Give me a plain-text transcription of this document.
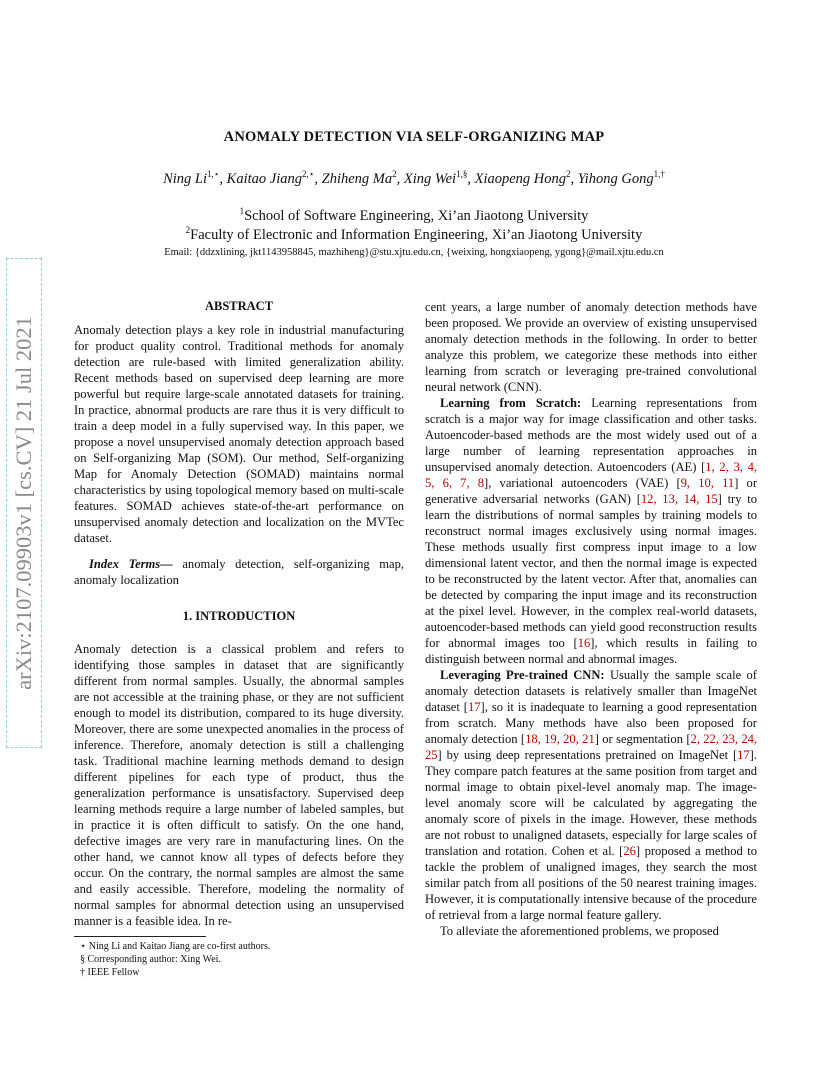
ANOMALY DETECTION VIA SELF-ORGANIZING MAP
Ning $Li^{1,⋆}$, Kaitao Jiang$^{2,⋆}$, Zhiheng Ma$^2$, Xing Wei$^{1,\S}$, Xiaopeng Hong$^2$, Yihong Gong$^{1,\dagger}$
$^1$School of Software Engineering, Xi’an Jiaotong University
$^2$Faculty of Electronic and Information Engineering, Xi’an Jiaotong University
Email: {ddzxlining, jkt1143958845, mazhiheng}@stu.xjtu.edu.cn, {weixing, hongxiaopeng, ygong}@mail.xjtu.edu.cn
arXiv:2107.09903v1 [cs.CV] 21 Jul 2021
ABSTRACT

Anomaly detection plays a key role in industrial manufacturing for product quality control. Traditional methods for anomaly detection are rule-based with limited generalization ability. Recent methods based on supervised deep learning are more powerful but require large-scale annotated datasets for training. In practice, abnormal products are rare thus it is very difficult to train a deep model in a fully supervised way. In this paper, we propose a novel unsupervised anomaly detection approach based on Self-organizing Map (SOM). Our method, Self-organizing Map for Anomaly Detection (SOMAD) maintains normal characteristics by using topological memory based on multi-scale features. SOMAD achieves state-of-the-art performance on unsupervised anomaly detection and localization on the MVTec dataset.

Index Terms— anomaly detection, self-organizing map, anomaly localization

1. INTRODUCTION

Anomaly detection is a classical problem and refers to identifying those samples in dataset that are significantly different from normal samples. Usually, the abnormal samples are not accessible at the training phase, or they are not sufficient enough to model its distribution, compared to its huge diversity. Moreover, there are some unexpected anomalies in the process of inference. Therefore, anomaly detection is still a challenging task. Traditional machine learning methods demand to design different pipelines for each type of product, thus the generalization performance is unsatisfactory. Supervised deep learning methods require a large number of labeled samples, but in practice it is often difficult to satisfy. On the one hand, defective images are very rare in manufacturing lines. On the other hand, we cannot know all types of defects before they occur. On the contrary, the normal samples are almost the same and easily accessible. Therefore, modeling the normality of normal samples for abnormal detection using an unsupervised manner is a feasible idea. In re-

cent years, a large number of anomaly detection methods have been proposed. We provide an overview of existing unsupervised anomaly detection methods in the following. In order to better analyze this problem, we categorize these methods into either learning from scratch or leveraging pre-trained convolutional neural network (CNN).

Learning from Scratch: Learning representations from scratch is a major way for image classification and other tasks. Autoencoder-based methods are the most widely used out of a large number of learning representation approaches in unsupervised anomaly detection. Autoencoders (AE) [1, 2, 3, 4, 5, 6, 7, 8], variational autoencoders (VAE) [9, 10, 11] or generative adversarial networks (GAN) [12, 13, 14, 15] try to learn the distributions of normal samples by training models to reconstruct normal images exclusively using normal images. These methods usually first compress input image to a low dimensional latent vector, and then the normal image is expected to be reconstructed by the latent vector. After that, anomalies can be detected by comparing the input image and its reconstruction at the pixel level. However, in the complex real-world datasets, autoencoder-based methods can yield good reconstruction results for abnormal images too [16], which results in failing to distinguish between normal and abnormal images.

Leveraging Pre-trained CNN: Usually the sample scale of anomaly detection datasets is relatively smaller than ImageNet dataset [17], so it is inadequate to learning a good representation from scratch. Many methods have also been proposed for anomaly detection [18, 19, 20, 21] or segmentation [2, 22, 23, 24, 25] by using deep representations pretrained on ImageNet [17]. They compare patch features at the same position from target and normal image to obtain pixel-level anomaly map. The image-level anomaly score will be calculated by aggregating the anomaly score of pixels in the image. However, these methods are not robust to unaligned datasets, especially for large scales of translation and rotation. Cohen et al. [26] proposed a method to tackle the problem of unaligned images, they search the most similar patch from all positions of the 50 nearest training images. However, it is computationally intensive because of the procedure of retrieval from a large normal feature gallery.

To alleviate the aforementioned problems, we proposed

⋆ Ning Li and Kaitao Jiang are co-first authors.
§ Corresponding author: Xing Wei.
† IEEE Fellow
